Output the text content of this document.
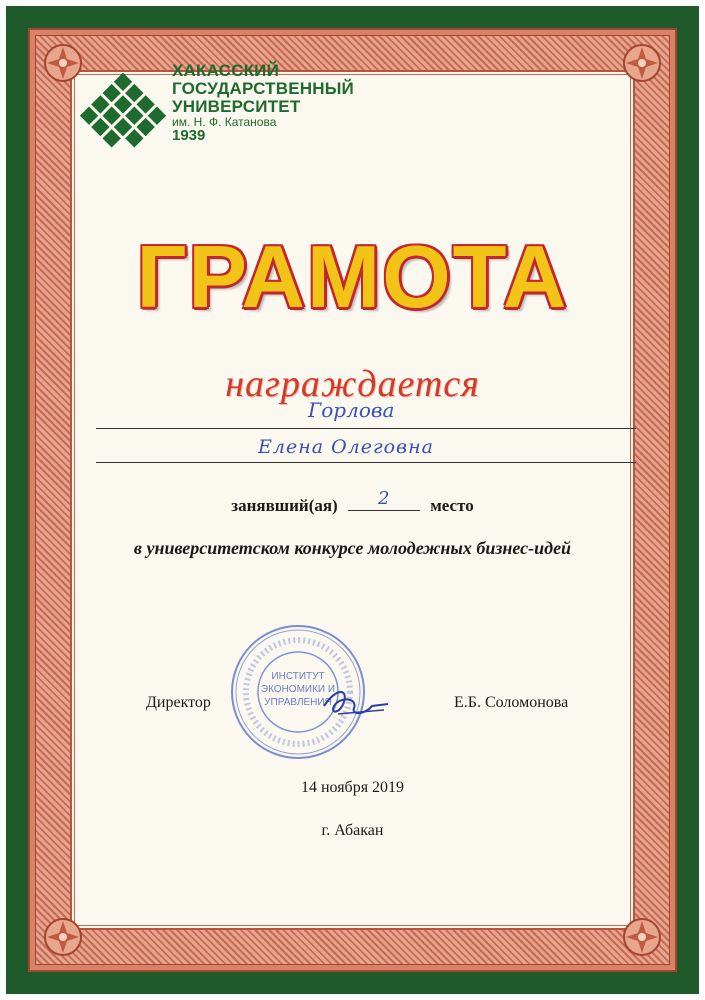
ХАКАССКИЙ
ГОСУДАРСТВЕННЫЙ
УНИВЕРСИТЕТ
им. Н. Ф. Катанова
1939
ГРАМОТА
награждается
Горлова
Елена Олеговна
занявший(ая) 2 место
в университетском конкурсе молодежных бизнес-идей
ИНСТИТУТ ЭКОНОМИКИ И УПРАВЛЕНИЯ
Директор	Е.Б. Соломонова
14 ноября 2019
г. Абакан
